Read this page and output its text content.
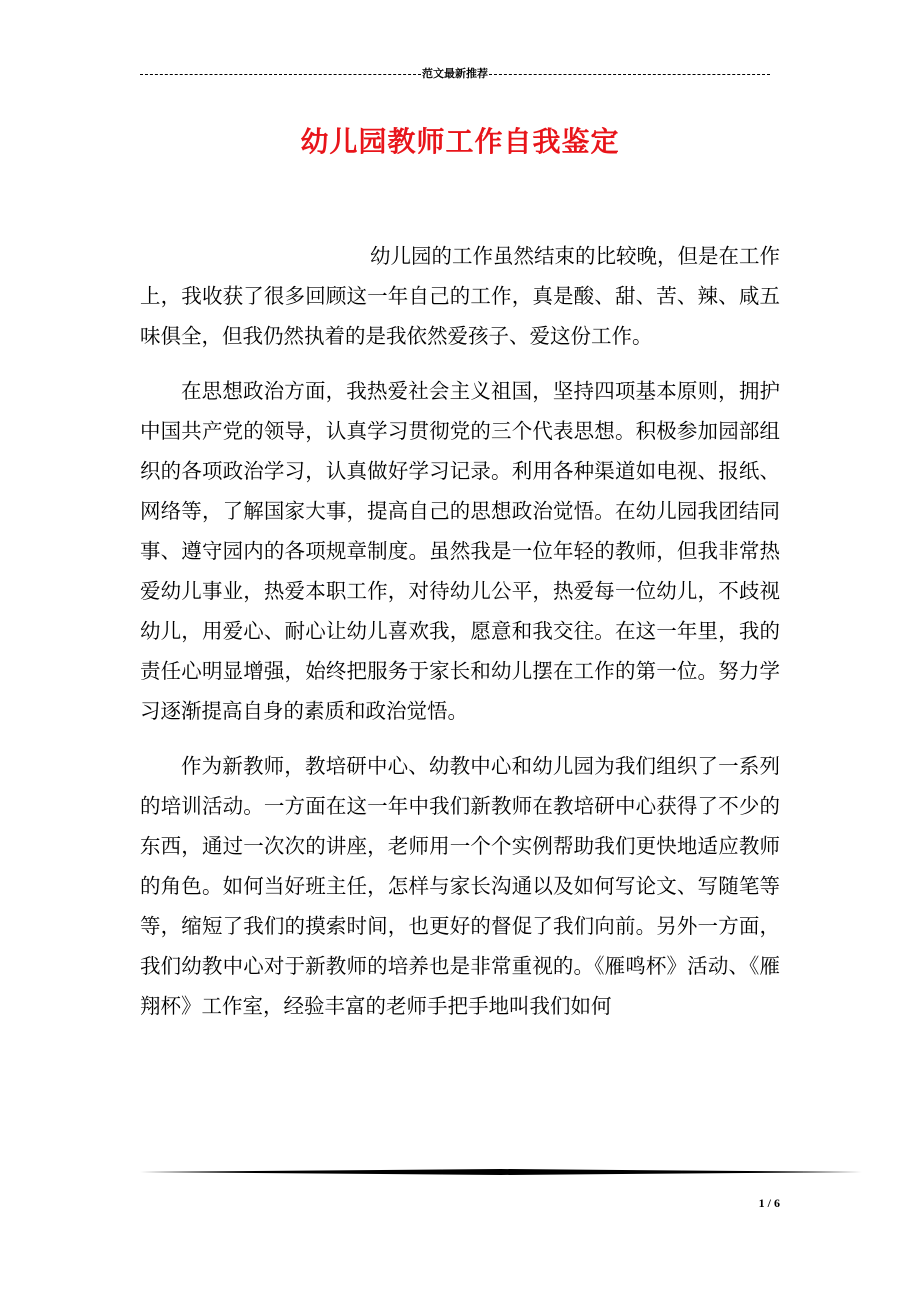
范文最新推荐
幼儿园教师工作自我鉴定

幼儿园的工作虽然结束的比较晚，但是在工作上，我收获了很多回顾这一年自己的工作，真是酸、甜、苦、辣、咸五味俱全，但我仍然执着的是我依然爱孩子、爱这份工作。

在思想政治方面，我热爱社会主义祖国，坚持四项基本原则，拥护中国共产党的领导，认真学习贯彻党的三个代表思想。积极参加园部组织的各项政治学习，认真做好学习记录。利用各种渠道如电视、报纸、网络等，了解国家大事，提高自己的思想政治觉悟。在幼儿园我团结同事、遵守园内的各项规章制度。虽然我是一位年轻的教师，但我非常热爱幼儿事业，热爱本职工作，对待幼儿公平，热爱每一位幼儿，不歧视幼儿，用爱心、耐心让幼儿喜欢我，愿意和我交往。在这一年里，我的责任心明显增强，始终把服务于家长和幼儿摆在工作的第一位。努力学习逐渐提高自身的素质和政治觉悟。

作为新教师，教培研中心、幼教中心和幼儿园为我们组织了一系列的培训活动。一方面在这一年中我们新教师在教培研中心获得了不少的东西，通过一次次的讲座，老师用一个个实例帮助我们更快地适应教师的角色。如何当好班主任，怎样与家长沟通以及如何写论文、写随笔等等，缩短了我们的摸索时间，也更好的督促了我们向前。另外一方面，我们幼教中心对于新教师的培养也是非常重视的。《雁鸣杯》活动、《雁翔杯》工作室，经验丰富的老师手把手地叫我们如何

1 / 6
